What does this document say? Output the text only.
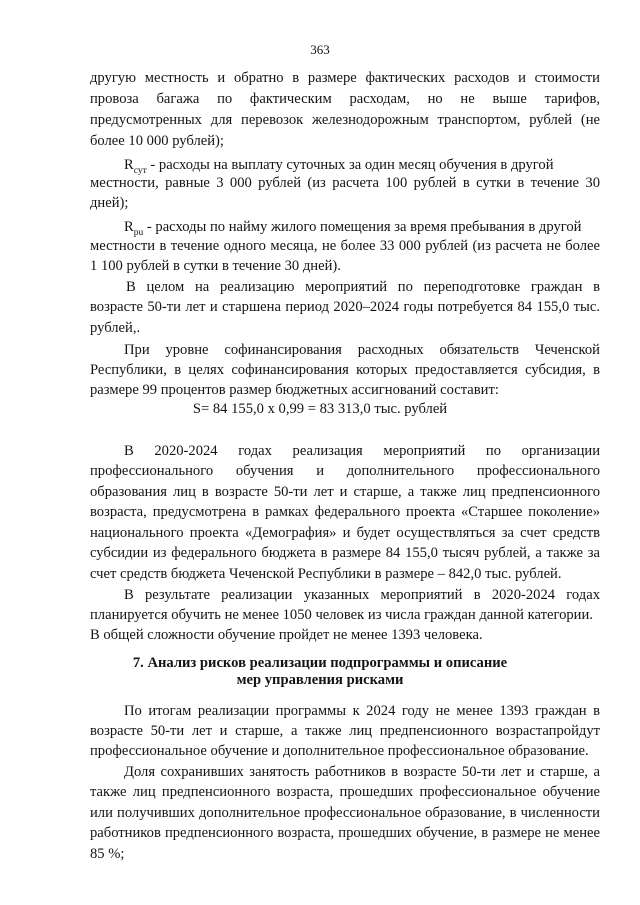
363
другую местность и обратно в размере фактических расходов и стоимости
провоза багажа по фактическим расходам, но не выше тарифов,
предусмотренных для перевозок железнодорожным транспортом, рублей (не
более 10 000 рублей);
$R_{сут}$ - расходы на выплату суточных за один месяц обучения в другой
местности, равные 3 000 рублей (из расчета 100 рублей в сутки в течение 30
дней);
$R_{pu}$ - расходы по найму жилого помещения за время пребывания в другой
местности в течение одного месяца, не более 33 000 рублей (из расчета не более
1 100 рублей в сутки в течение 30 дней).
В целом на реализацию мероприятий по переподготовке граждан в
возрасте 50-ти лет и старшена период 2020–2024 годы потребуется 84 155,0 тыс.
рублей,.
При уровне софинансирования расходных обязательств Чеченской
Республики, в целях софинансирования которых предоставляется субсидия, в
размере 99 процентов размер бюджетных ассигнований составит:
S= 84 155,0 х 0,99 = 83 313,0 тыс. рублей
В 2020-2024 годах реализация мероприятий по организации
профессионального обучения и дополнительного профессионального
образования лиц в возрасте 50-ти лет и старше, а также лиц предпенсионного
возраста, предусмотрена в рамках федерального проекта «Старшее поколение»
национального проекта «Демография» и будет осуществляться за счет средств
субсидии из федерального бюджета в размере 84 155,0 тысяч рублей, а также за
счет средств бюджета Чеченской Республики в размере – 842,0 тыс. рублей.
В результате реализации указанных мероприятий в 2020-2024 годах
планируется обучить не менее 1050 человек из числа граждан данной категории.
В общей сложности обучение пройдет не менее 1393 человека.
7. Анализ рисков реализации подпрограммы и описание
мер управления рисками
По итогам реализации программы к 2024 году не менее 1393 граждан в
возрасте 50-ти лет и старше, а также лиц предпенсионного возрастапройдут
профессиональное обучение и дополнительное профессиональное образование.
Доля сохранивших занятость работников в возрасте 50-ти лет и старше, а
также лиц предпенсионного возраста, прошедших профессиональное обучение
или получивших дополнительное профессиональное образование, в численности
работников предпенсионного возраста, прошедших обучение, в размере не менее
85 %;
